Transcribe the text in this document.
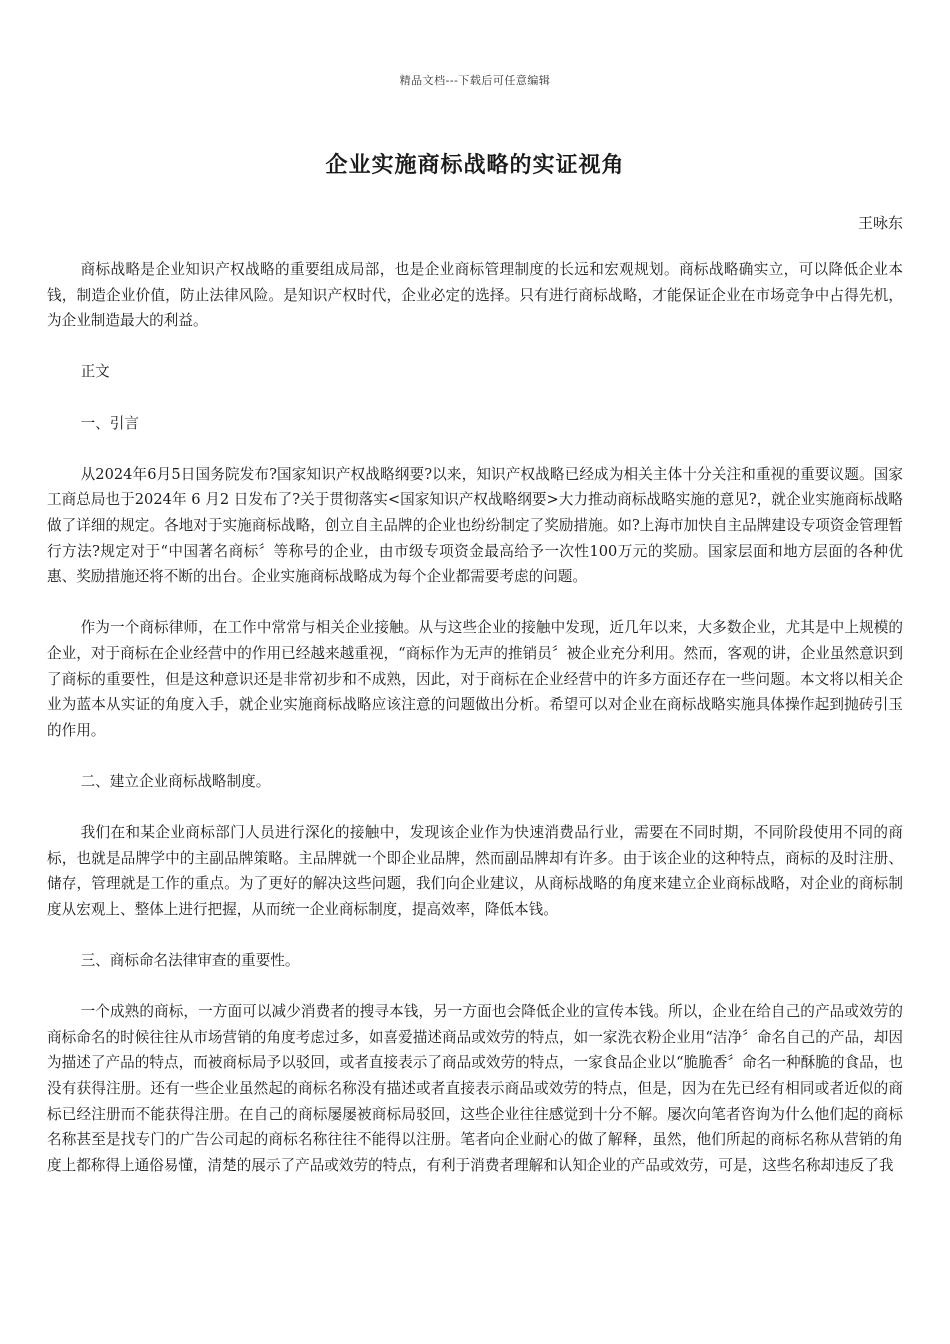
精品文档---下载后可任意编辑
企业实施商标战略的实证视角
王咏东

商标战略是企业知识产权战略的重要组成局部，也是企业商标管理制度的长远和宏观规划。商标战略确实立，可以降低企业本钱，制造企业价值，防止法律风险。是知识产权时代，企业必定的选择。只有进行商标战略，才能保证企业在市场竞争中占得先机，为企业制造最大的利益。

正文

一、引言

从2024年6月5日国务院发布?国家知识产权战略纲要?以来，知识产权战略已经成为相关主体十分关注和重视的重要议题。国家工商总局也于2024年 6 月2 日发布了?关于贯彻落实<国家知识产权战略纲要>大力推动商标战略实施的意见?，就企业实施商标战略做了详细的规定。各地对于实施商标战略，创立自主品牌的企业也纷纷制定了奖励措施。如?上海市加快自主品牌建设专项资金管理暂行方法?规定对于“中国著名商标〞等称号的企业，由市级专项资金最高给予一次性100万元的奖励。国家层面和地方层面的各种优惠、奖励措施还将不断的出台。企业实施商标战略成为每个企业都需要考虑的问题。

作为一个商标律师，在工作中常常与相关企业接触。从与这些企业的接触中发现，近几年以来，大多数企业，尤其是中上规模的企业，对于商标在企业经营中的作用已经越来越重视，“商标作为无声的推销员〞被企业充分利用。然而，客观的讲，企业虽然意识到了商标的重要性，但是这种意识还是非常初步和不成熟，因此，对于商标在企业经营中的许多方面还存在一些问题。本文将以相关企业为蓝本从实证的角度入手，就企业实施商标战略应该注意的问题做出分析。希望可以对企业在商标战略实施具体操作起到抛砖引玉的作用。

二、建立企业商标战略制度。

我们在和某企业商标部门人员进行深化的接触中，发现该企业作为快速消费品行业，需要在不同时期，不同阶段使用不同的商标，也就是品牌学中的主副品牌策略。主品牌就一个即企业品牌，然而副品牌却有许多。由于该企业的这种特点，商标的及时注册、储存，管理就是工作的重点。为了更好的解决这些问题，我们向企业建议，从商标战略的角度来建立企业商标战略，对企业的商标制度从宏观上、整体上进行把握，从而统一企业商标制度，提高效率，降低本钱。

三、商标命名法律审查的重要性。

一个成熟的商标，一方面可以减少消费者的搜寻本钱，另一方面也会降低企业的宣传本钱。所以，企业在给自己的产品或效劳的商标命名的时候往往从市场营销的角度考虑过多，如喜爱描述商品或效劳的特点，如一家洗衣粉企业用“洁净〞命名自己的产品，却因为描述了产品的特点，而被商标局予以驳回，或者直接表示了商品或效劳的特点，一家食品企业以“脆脆香〞命名一种酥脆的食品，也没有获得注册。还有一些企业虽然起的商标名称没有描述或者直接表示商品或效劳的特点，但是，因为在先已经有相同或者近似的商标已经注册而不能获得注册。在自己的商标屡屡被商标局驳回，这些企业往往感觉到十分不解。屡次向笔者咨询为什么他们起的商标名称甚至是找专门的广告公司起的商标名称往往不能得以注册。笔者向企业耐心的做了解释，虽然，他们所起的商标名称从营销的角度上都称得上通俗易懂，清楚的展示了产品或效劳的特点，有利于消费者理解和认知企业的产品或效劳，可是，这些名称却违反了我
